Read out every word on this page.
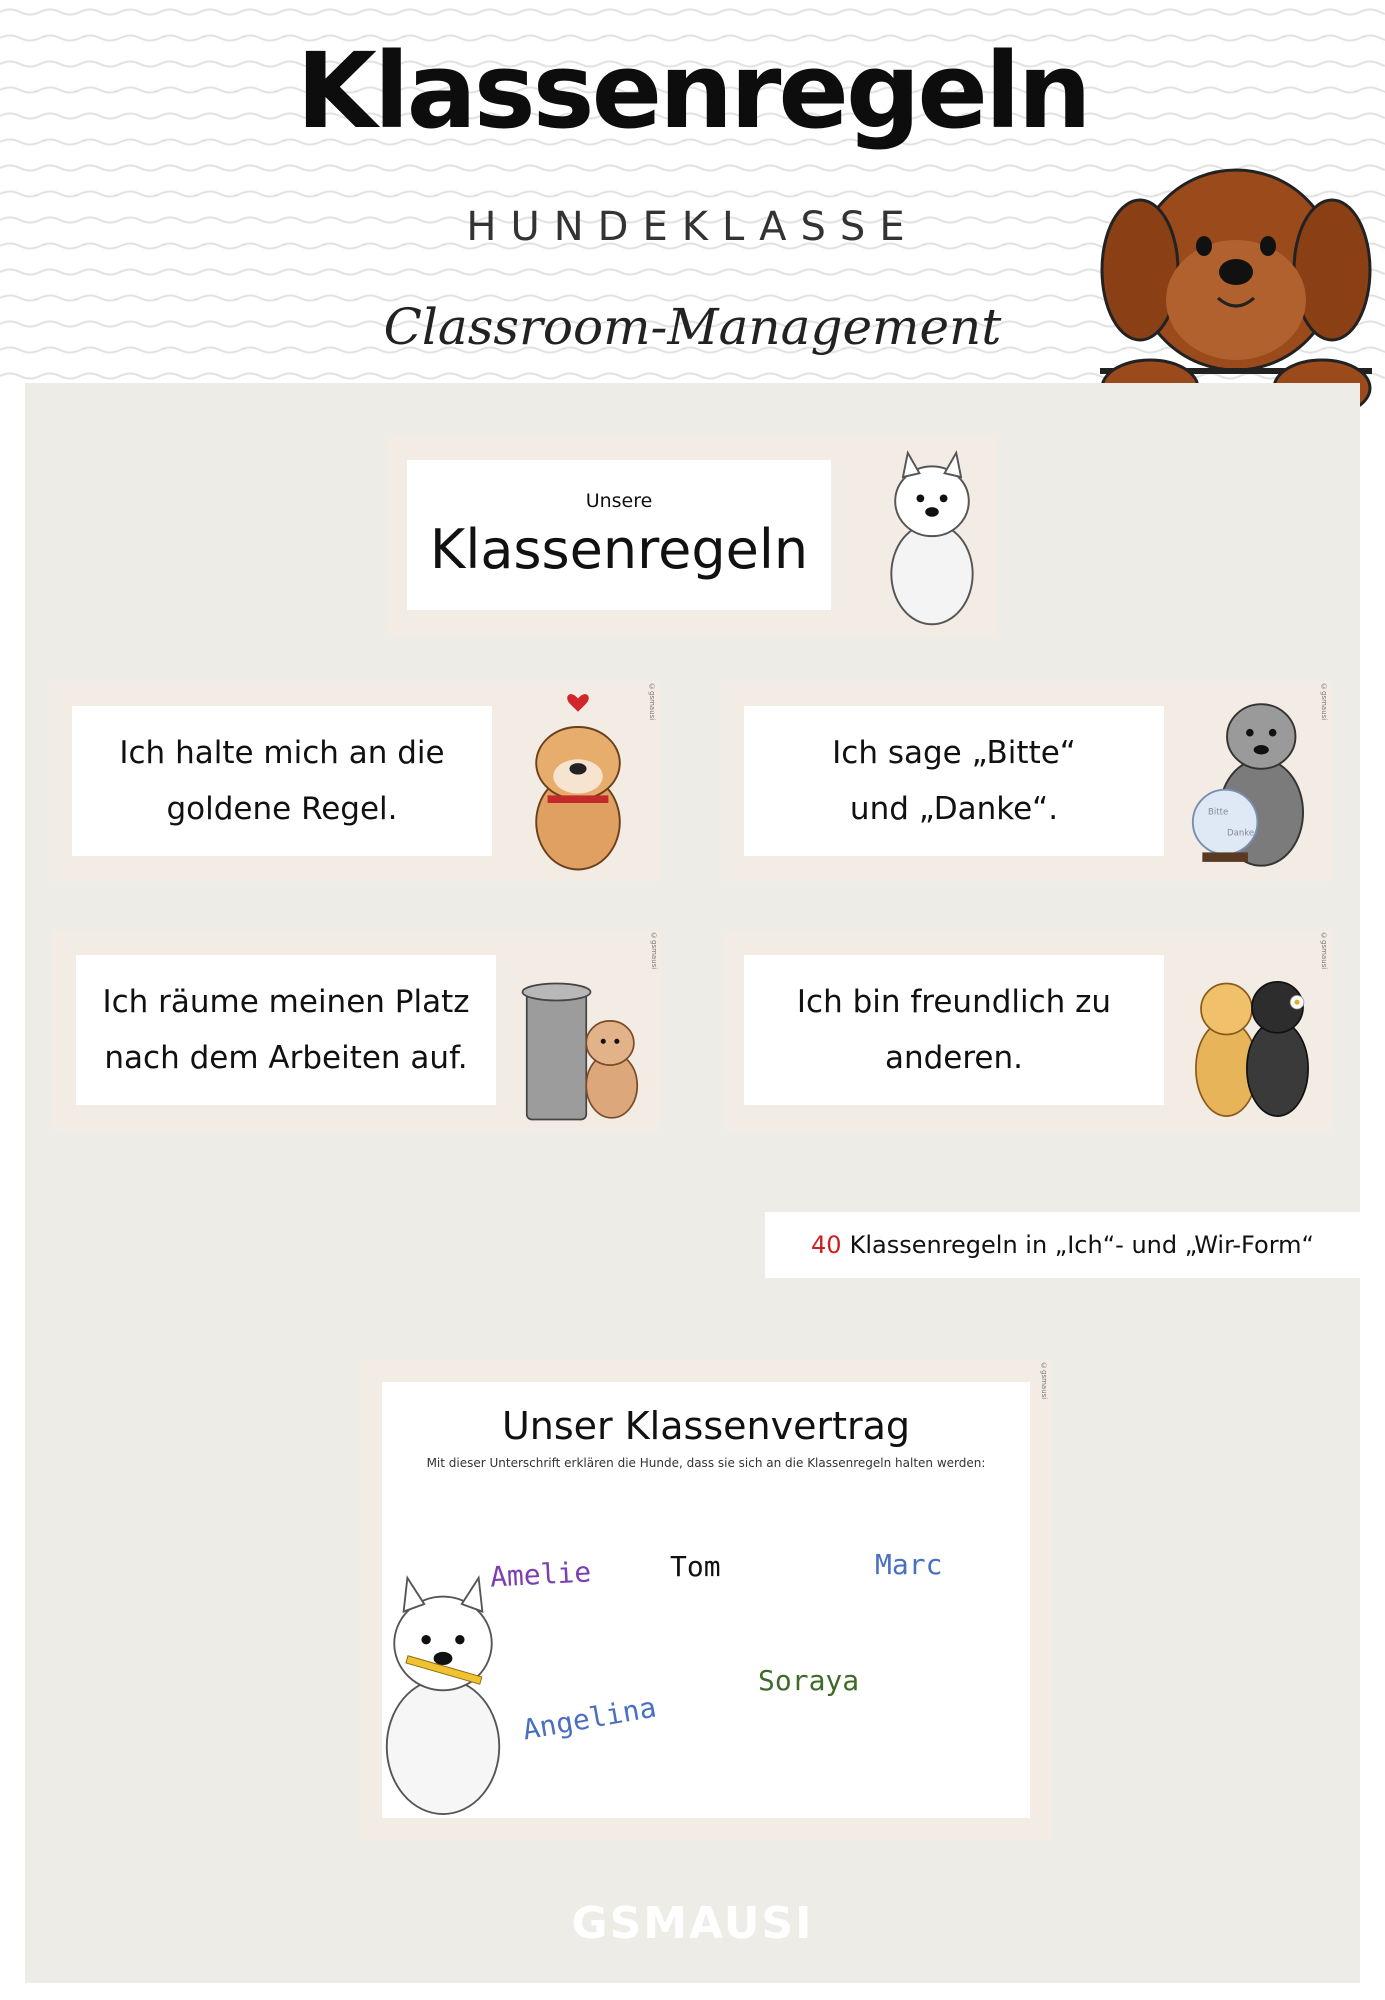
Klassenregeln
HUNDEKLASSE
Classroom-Management
Unsere
Klassenregeln
Ich halte mich an die
goldene Regel.
©gsmausi
Ich sage „Bitte“
und „Danke“.	Bitte
Danke
©gsmausi
Ich räume meinen Platz
nach dem Arbeiten auf.
©gsmausi
Ich bin freundlich zu
anderen.
©gsmausi
40 Klassenregeln in „Ich“- und „Wir-Form“
Unser Klassenvertrag
Mit dieser Unterschrift erklären die Hunde, dass sie sich an die Klassenregeln halten werden:
Amelie	Tom	Marc
Soraya
Angelina
©gsmausi
GSMAUSI
